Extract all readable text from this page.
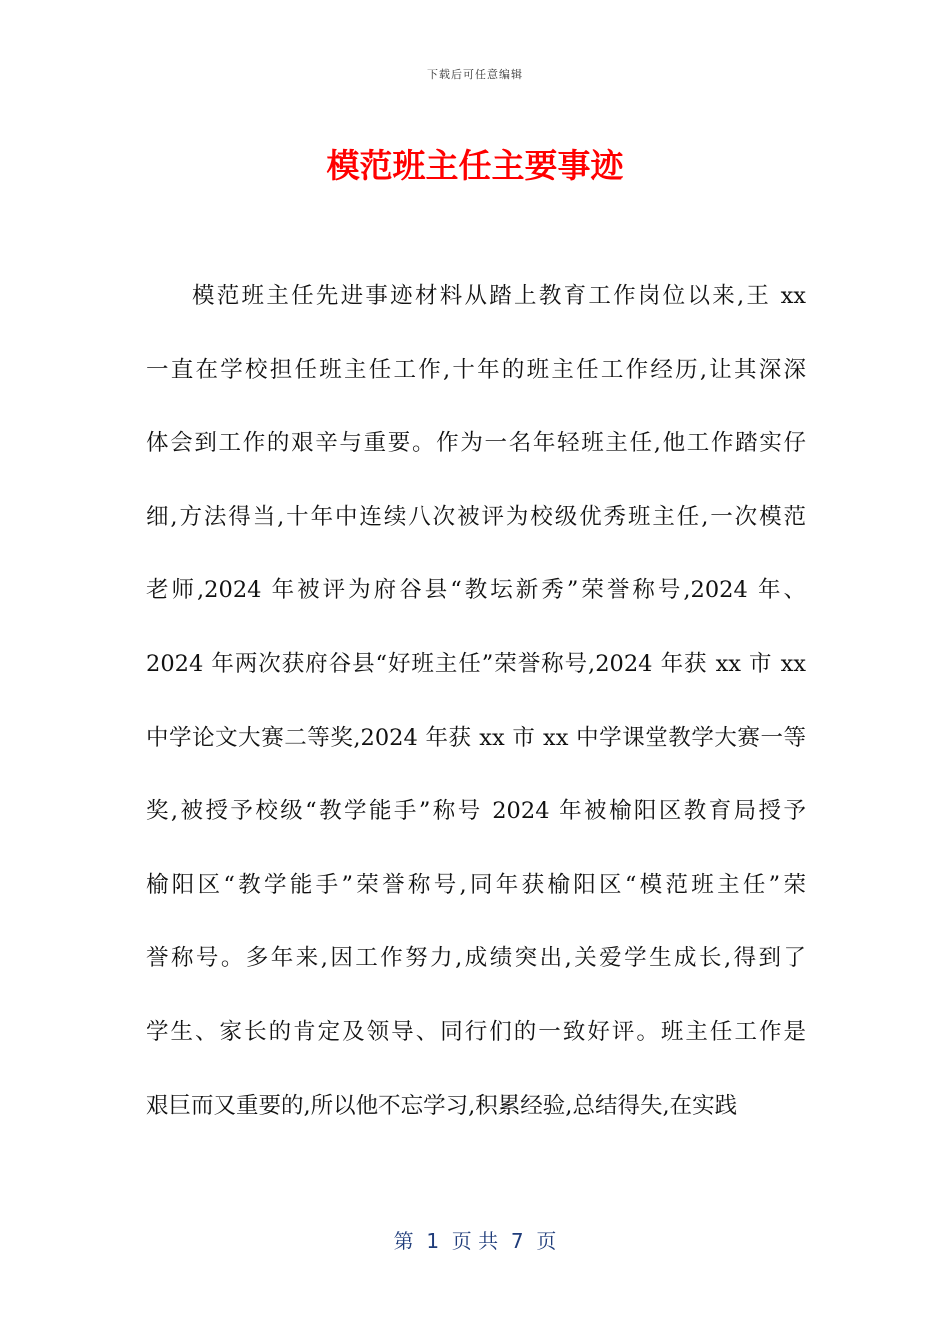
下载后可任意编辑
模范班主任主要事迹
模范班主任先进事迹材料从踏上教育工作岗位以来,王 xx
一直在学校担任班主任工作,十年的班主任工作经历,让其深深
体会到工作的艰辛与重要。作为一名年轻班主任,他工作踏实仔
细,方法得当,十年中连续八次被评为校级优秀班主任,一次模范
老师,2024 年被评为府谷县“教坛新秀”荣誉称号,2024 年、
2024 年两次获府谷县“好班主任”荣誉称号,2024 年获 xx 市 xx
中学论文大赛二等奖,2024 年获 xx 市 xx 中学课堂教学大赛一等
奖,被授予校级“教学能手”称号 2024 年被榆阳区教育局授予
榆阳区“教学能手”荣誉称号,同年获榆阳区“模范班主任”荣
誉称号。多年来,因工作努力,成绩突出,关爱学生成长,得到了
学生、家长的肯定及领导、同行们的一致好评。班主任工作是
艰巨而又重要的,所以他不忘学习,积累经验,总结得失,在实践
第  1  页 共  7  页
